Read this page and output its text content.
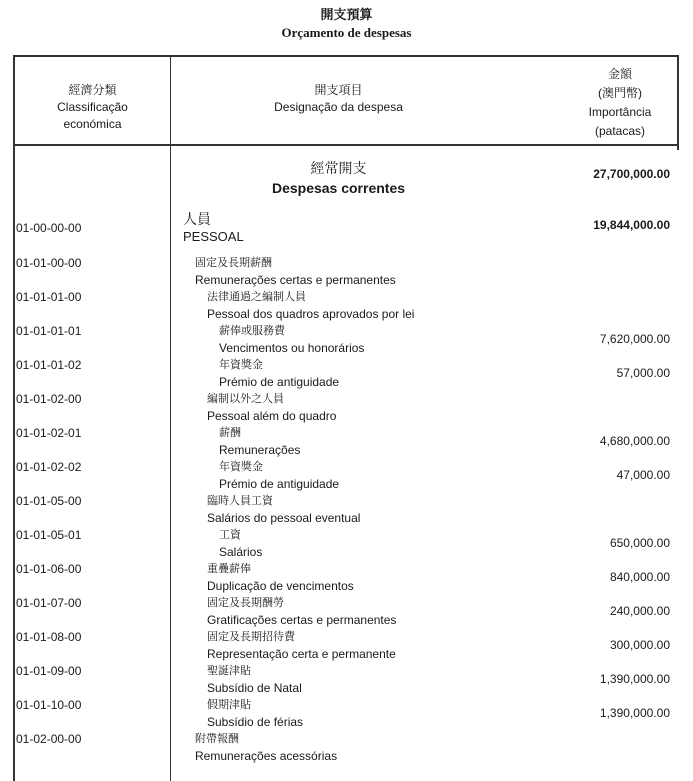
開支預算
Orçamento de despesas
經濟分類
Classificação
económica
開支項目
Designação da despesa
金額
(澳門幣)
Importância
(patacas)
經常開支
Despesas correntes
27,700,000.00
01-00-00-00
人員
PESSOAL
19,844,000.00
01-01-00-00	固定及長期薪酬
Remunerações certas e permanentes
01-01-01-00	法律通過之編制人員
Pessoal dos quadros aprovados por lei
01-01-01-01	薪俸或服務費
Vencimentos ou honorários
7,620,000.00
01-01-01-02	年資獎金
Prémio de antiguidade
57,000.00
01-01-02-00	編制以外之人員
Pessoal além do quadro
01-01-02-01	薪酬
Remunerações
4,680,000.00
01-01-02-02	年資獎金
Prémio de antiguidade
47,000.00
01-01-05-00	臨時人員工資
Salários do pessoal eventual
01-01-05-01	工資
Salários
650,000.00
01-01-06-00	重疊薪俸
Duplicação de vencimentos
840,000.00
01-01-07-00	固定及長期酬勞
Gratificações certas e permanentes
240,000.00
01-01-08-00	固定及長期招待費
Representação certa e permanente
300,000.00
01-01-09-00	聖誕津貼
Subsídio de Natal
1,390,000.00
01-01-10-00	假期津貼
Subsídio de férias
1,390,000.00
01-02-00-00	附帶報酬
Remunerações acessórias
